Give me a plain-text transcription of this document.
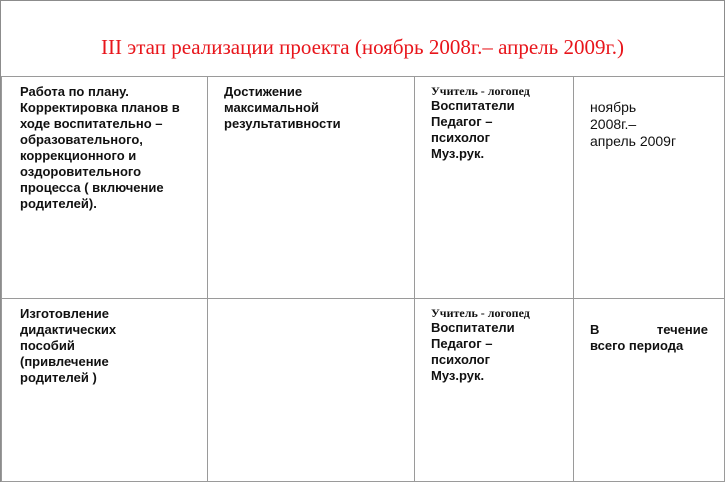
III этап реализации проекта (ноябрь 2008г.– апрель 2009г.)
Работа по плану. Корректировка планов в ходе воспитательно – образовательного, коррекционного и оздоровительного процесса ( включение родителей).	Достижение максимальной результативности	Учитель - логопед
Воспитатели Педагог – психолог Муз.рук.	ноябрь 2008г.– апрель 2009г

Изготовление дидактических пособий (привлечение родителей )		Учитель - логопед
Воспитатели Педагог – психолог Муз.рук.	В течение
всего периода
